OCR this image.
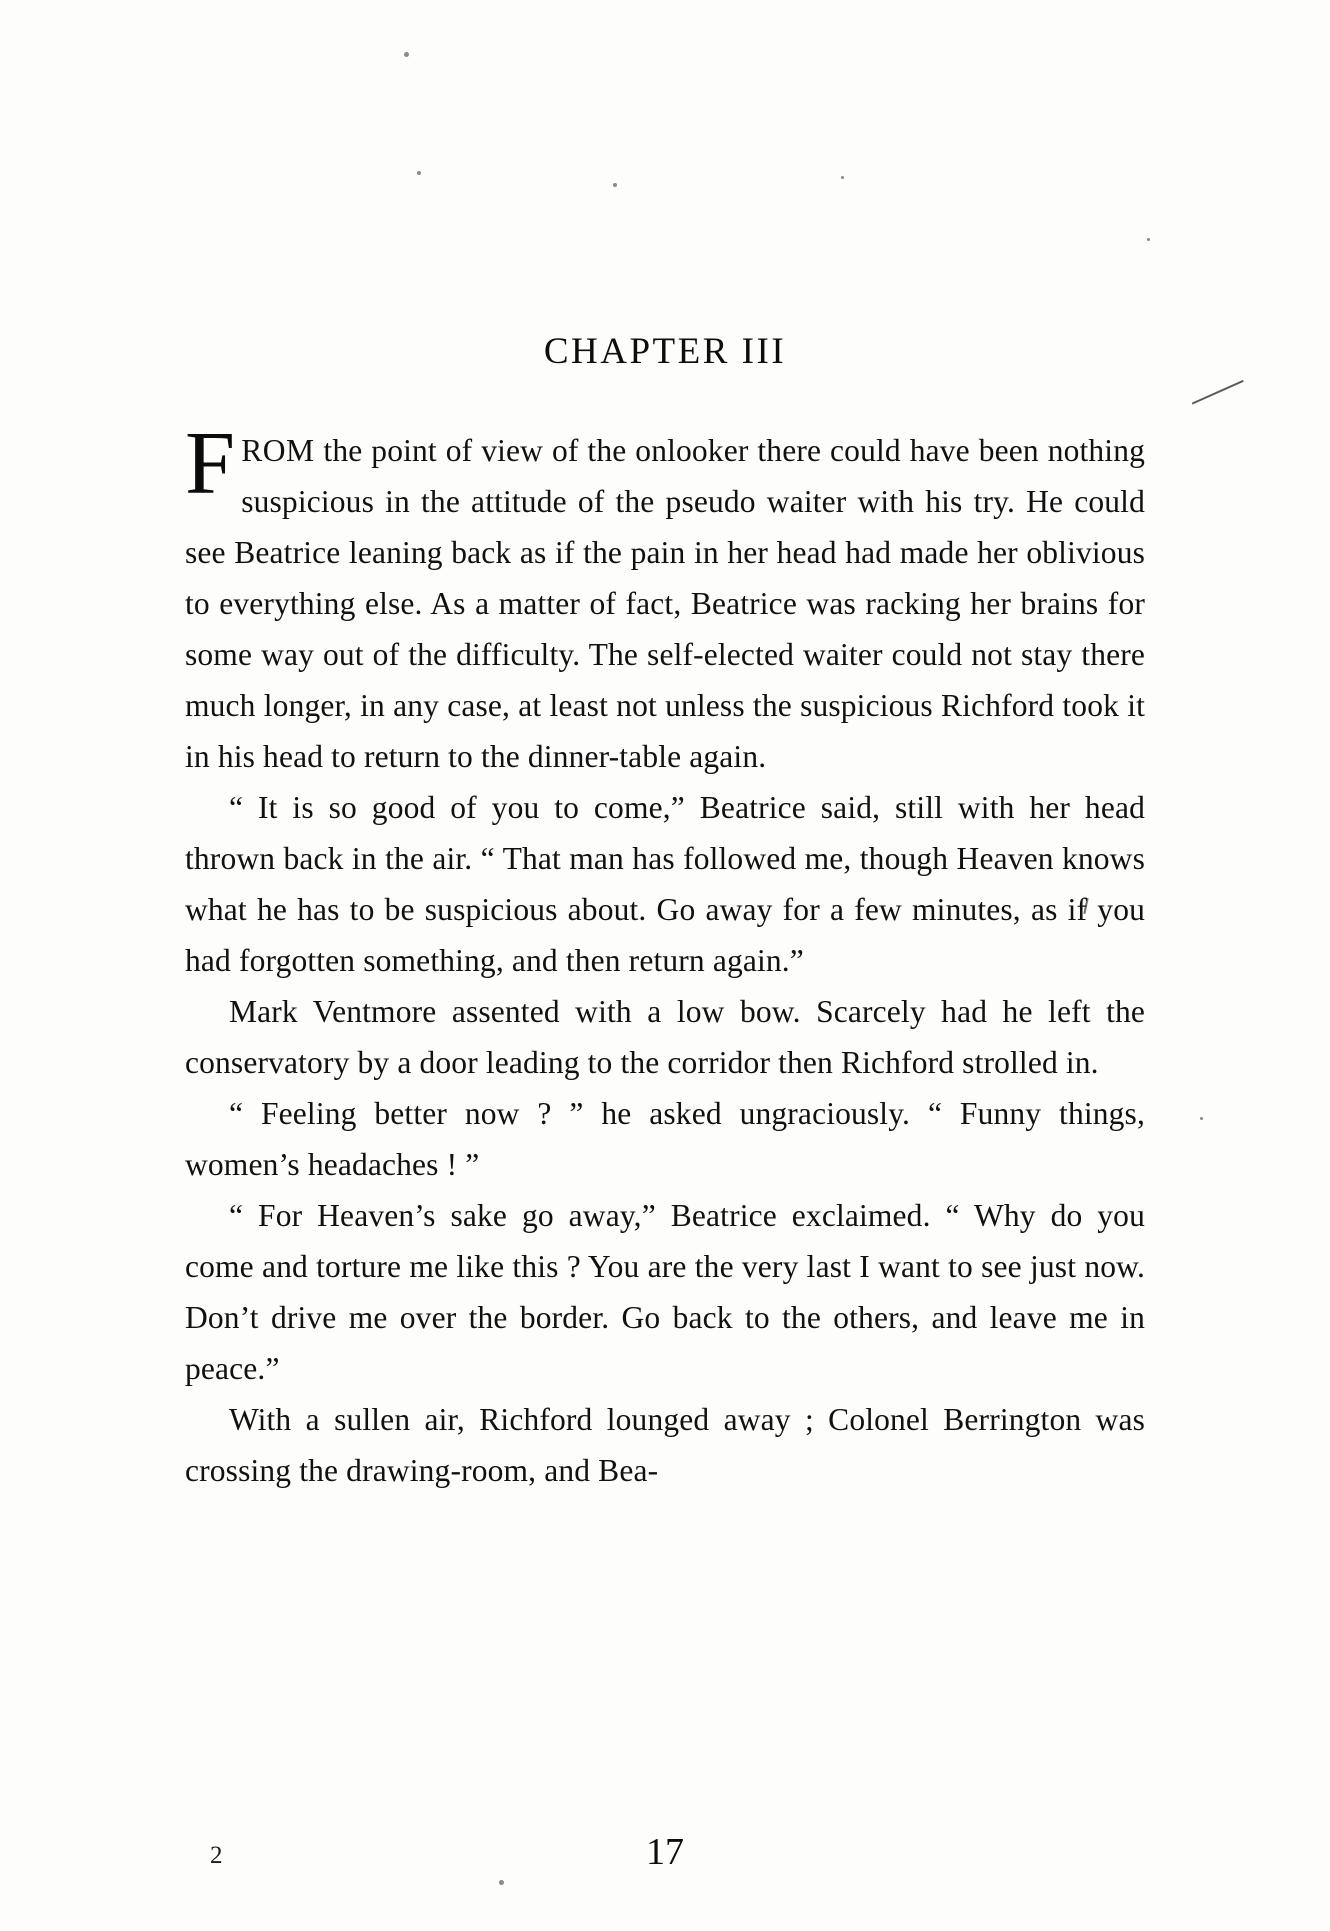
CHAPTER III

FROM the point of view of the onlooker there could have been nothing suspicious in the attitude of the pseudo waiter with his try. He could see Beatrice leaning back as if the pain in her head had made her oblivious to everything else. As a matter of fact, Beatrice was racking her brains for some way out of the difficulty. The self-elected waiter could not stay there much longer, in any case, at least not unless the suspicious Richford took it in his head to return to the dinner-table again.

“ It is so good of you to come,” Beatrice said, still with her head thrown back in the air. “ That man has followed me, though Heaven knows what he has to be suspicious about. Go away for a few minutes, as if you had forgotten something, and then return again.”

Mark Ventmore assented with a low bow. Scarcely had he left the conservatory by a door leading to the corridor then Richford strolled in.

“ Feeling better now ? ” he asked ungraciously. “ Funny things, women’s headaches ! ”

“ For Heaven’s sake go away,” Beatrice exclaimed. “ Why do you come and torture me like this ? You are the very last I want to see just now. Don’t drive me over the border. Go back to the others, and leave me in peace.”

With a sullen air, Richford lounged away ; Colonel Berrington was crossing the drawing-room, and Bea-

2	17
